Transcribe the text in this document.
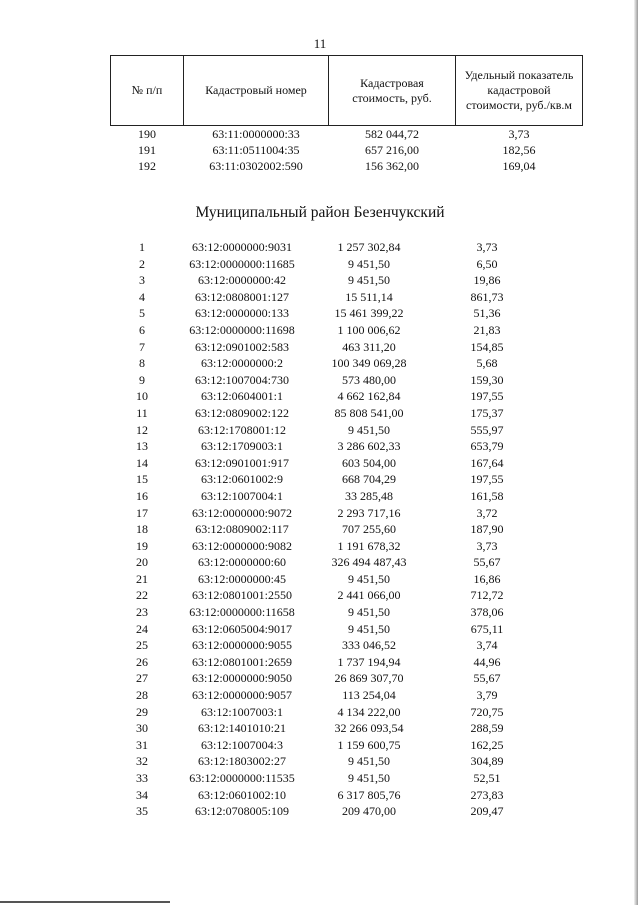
11
№ п/п	Кадастровый номер	Кадастровая стоимость, руб.	Удельный показатель кадастровой стоимости, руб./кв.м
190	63:11:0000000:33	582 044,72	3,73
191	63:11:0511004:35	657 216,00	182,56
192	63:11:0302002:590	156 362,00	169,04
Муниципальный район Безенчукский
1	63:12:0000000:9031	1 257 302,84	3,73
2	63:12:0000000:11685	9 451,50	6,50
3	63:12:0000000:42	9 451,50	19,86
4	63:12:0808001:127	15 511,14	861,73
5	63:12:0000000:133	15 461 399,22	51,36
6	63:12:0000000:11698	1 100 006,62	21,83
7	63:12:0901002:583	463 311,20	154,85
8	63:12:0000000:2	100 349 069,28	5,68
9	63:12:1007004:730	573 480,00	159,30
10	63:12:0604001:1	4 662 162,84	197,55
11	63:12:0809002:122	85 808 541,00	175,37
12	63:12:1708001:12	9 451,50	555,97
13	63:12:1709003:1	3 286 602,33	653,79
14	63:12:0901001:917	603 504,00	167,64
15	63:12:0601002:9	668 704,29	197,55
16	63:12:1007004:1	33 285,48	161,58
17	63:12:0000000:9072	2 293 717,16	3,72
18	63:12:0809002:117	707 255,60	187,90
19	63:12:0000000:9082	1 191 678,32	3,73
20	63:12:0000000:60	326 494 487,43	55,67
21	63:12:0000000:45	9 451,50	16,86
22	63:12:0801001:2550	2 441 066,00	712,72
23	63:12:0000000:11658	9 451,50	378,06
24	63:12:0605004:9017	9 451,50	675,11
25	63:12:0000000:9055	333 046,52	3,74
26	63:12:0801001:2659	1 737 194,94	44,96
27	63:12:0000000:9050	26 869 307,70	55,67
28	63:12:0000000:9057	113 254,04	3,79
29	63:12:1007003:1	4 134 222,00	720,75
30	63:12:1401010:21	32 266 093,54	288,59
31	63:12:1007004:3	1 159 600,75	162,25
32	63:12:1803002:27	9 451,50	304,89
33	63:12:0000000:11535	9 451,50	52,51
34	63:12:0601002:10	6 317 805,76	273,83
35	63:12:0708005:109	209 470,00	209,47
